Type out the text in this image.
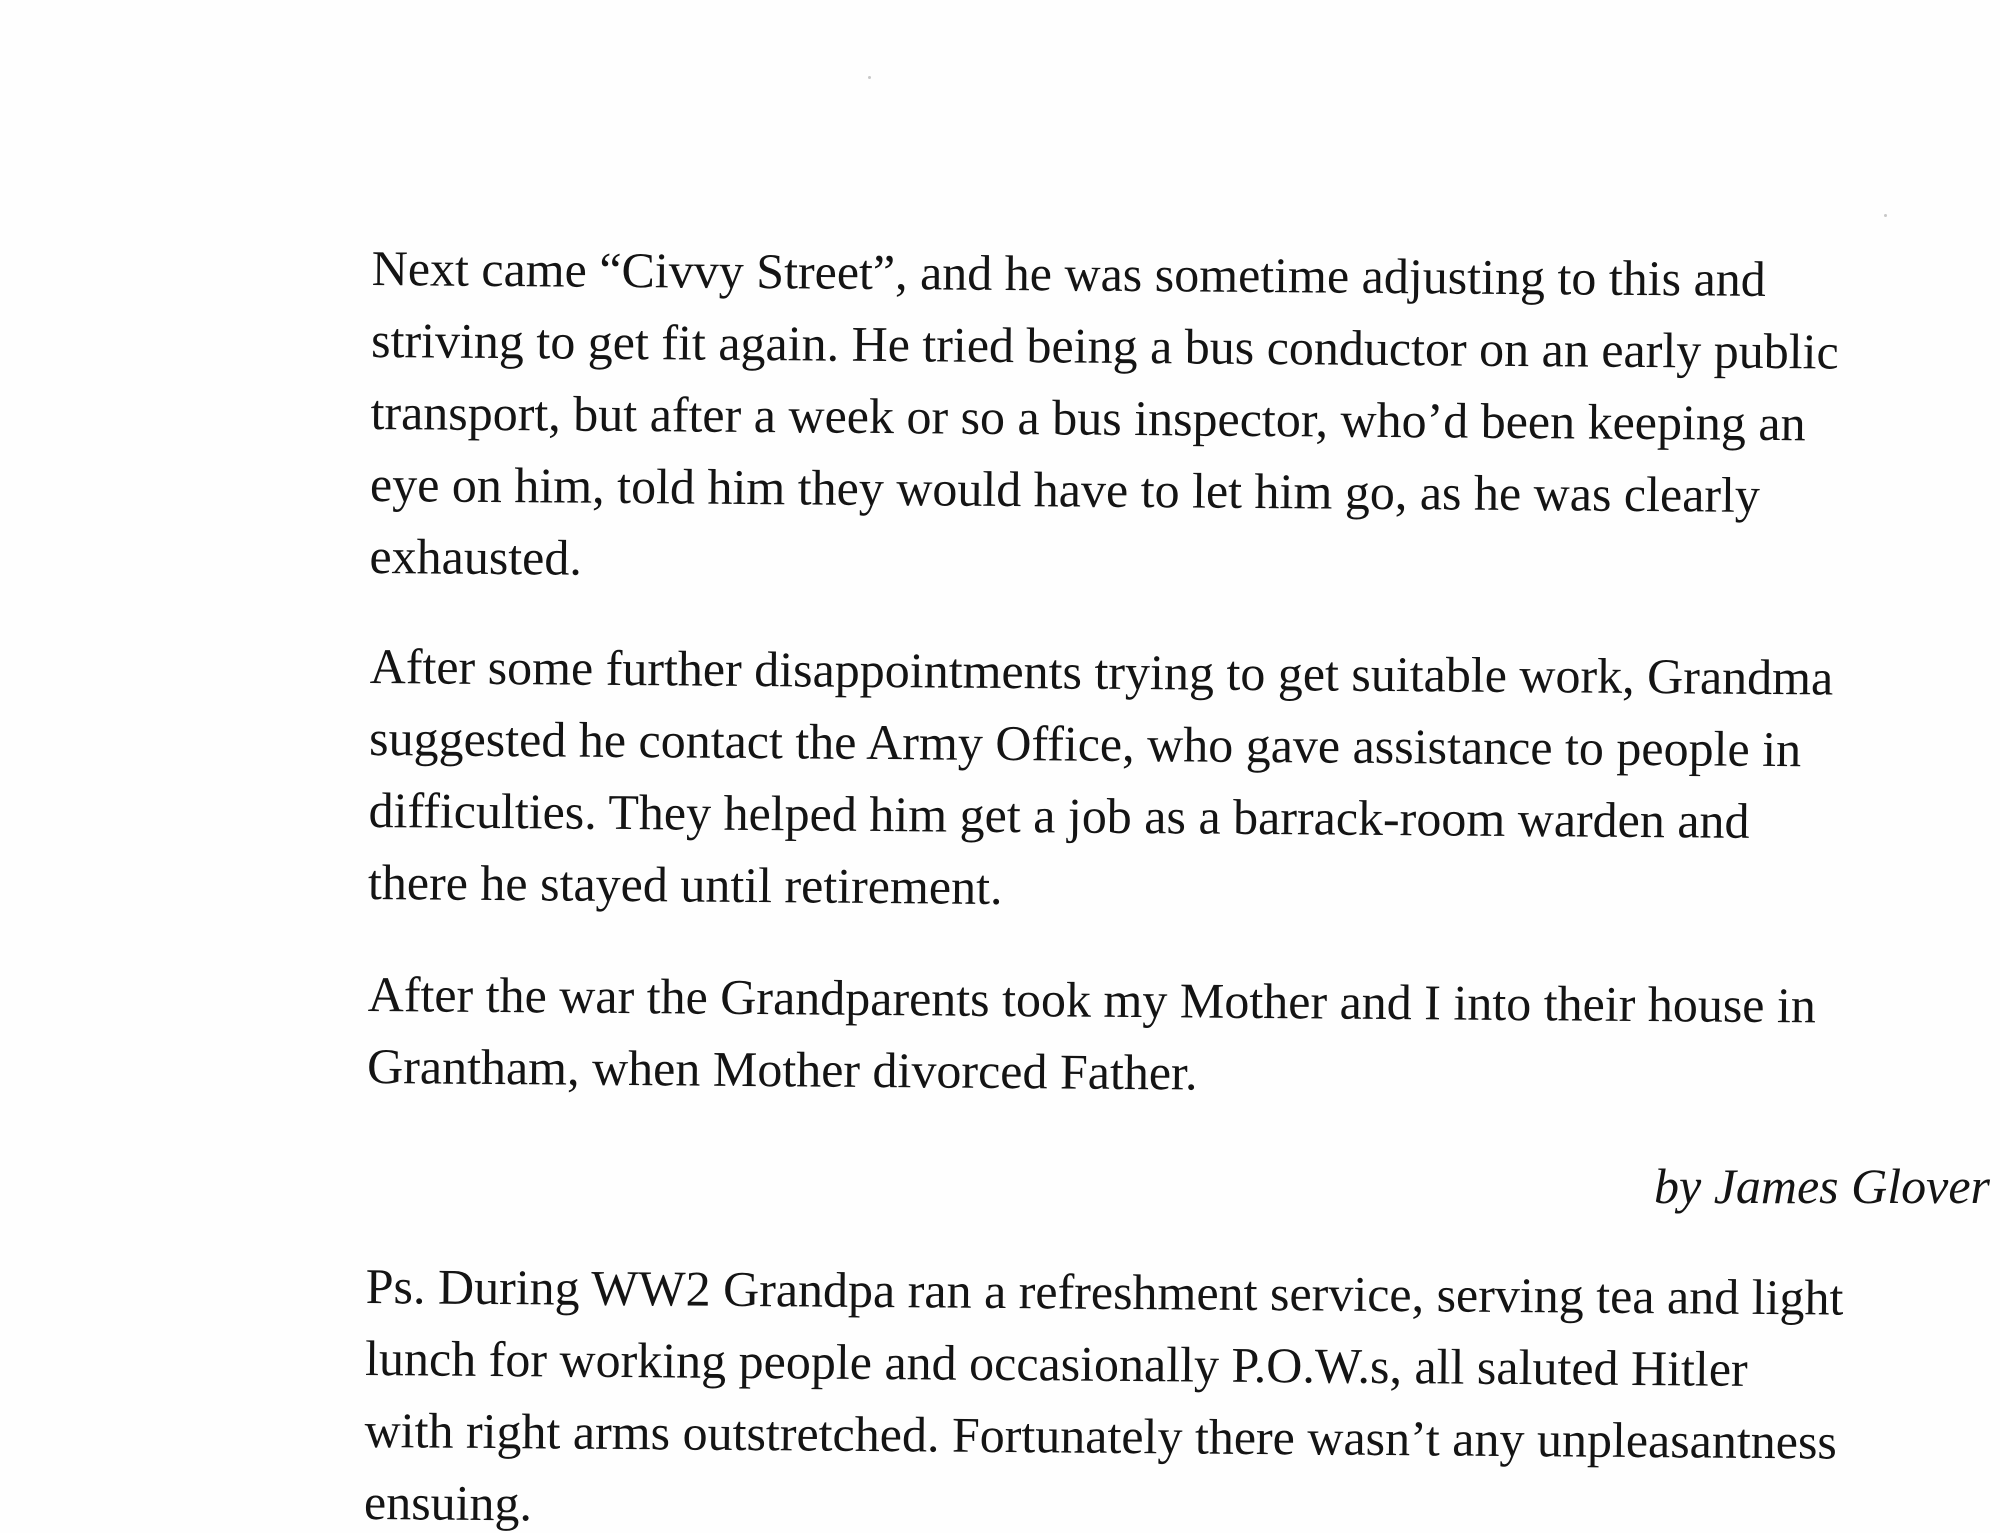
Next came “Civvy Street”, and he was sometime adjusting to this and
striving to get fit again. He tried being a bus conductor on an early public
transport, but after a week or so a bus inspector, who’d been keeping an
eye on him, told him they would have to let him go, as he was clearly
exhausted.
After some further disappointments trying to get suitable work, Grandma
suggested he contact the Army Office, who gave assistance to people in
difficulties. They helped him get a job as a barrack-room warden and
there he stayed until retirement.
After the war the Grandparents took my Mother and I into their house in
Grantham, when Mother divorced Father.
by James Glover
Ps. During WW2 Grandpa ran a refreshment service, serving tea and light
lunch for working people and occasionally P.O.W.s, all saluted Hitler
with right arms outstretched. Fortunately there wasn’t any unpleasantness
ensuing.
